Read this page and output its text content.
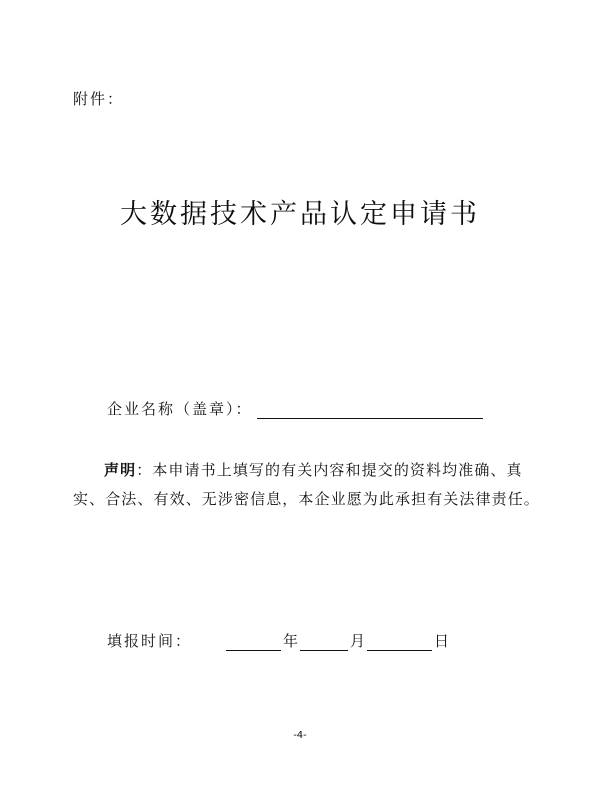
附件：
大数据技术产品认定申请书
企业名称（盖章）：
声明：本申请书上填写的有关内容和提交的资料均准确、真实、合法、有效、无涉密信息，本企业愿为此承担有关法律责任。
填报时间：	年	月	日
-4-
